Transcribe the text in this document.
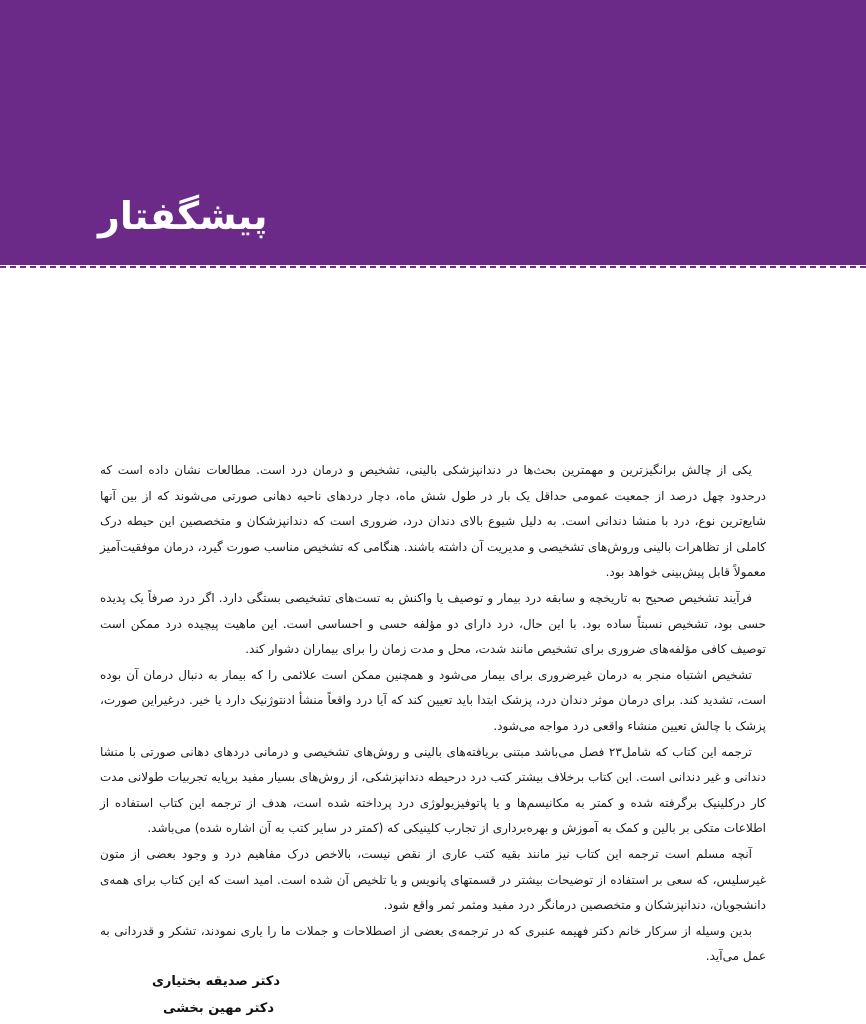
پیشگفتار

یکی از چالش برانگیزترین و مهمترین بحث‌ها در دندانپزشکی بالینی، تشخیص و درمان درد است. مطالعات نشان داده است که درحدود چهل درصد از جمعیت عمومی حداقل یک بار در طول شش ماه، دچار دردهای ناحیه دهانی صورتی می‌شوند که از بین آنها شایع‌ترین نوع، درد با منشا دندانی است. به دلیل شیوع بالای دندان درد، ضروری است که دندانپزشکان و متخصصین این حیطه درک کاملی از تظاهرات بالینی وروش‌های تشخیصی و مدیریت آن داشته باشند. هنگامی که تشخیص مناسب صورت گیرد، درمان موفقیت‌آمیز معمولاً قابل پیش‌بینی خواهد بود.

فرآیند تشخیص صحیح به تاریخچه و سابقه درد بیمار و توصیف یا واکنش به تست‌های تشخیصی بستگی دارد. اگر درد صرفاً یک پدیده حسی بود، تشخیص نسبتاً ساده بود. با این حال، درد دارای دو مؤلفه حسی و احساسی است. این ماهیت پیچیده درد ممکن است توصیف کافی مؤلفه‌های ضروری برای تشخیص مانند شدت، محل و مدت زمان را برای بیماران دشوار کند.

تشخیص اشتباه منجر به درمان غیرضروری برای بیمار می‌شود و همچنین ممکن است علائمی را که بیمار به دنبال درمان آن بوده است، تشدید کند. برای درمان موثر دندان درد، پزشک ابتدا باید تعیین کند که آیا درد واقعاً منشأ ادنتوژنیک دارد یا خیر. درغیراین صورت، پزشک با چالش تعیین منشاء واقعی درد مواجه می‌شود.

ترجمه این کتاب که شامل۲۳ فصل می‌باشد مبتنی بریافته‌های بالینی و روش‌های تشخیصی و درمانی دردهای دهانی صورتی با منشا دندانی و غیر دندانی است. این کتاب برخلاف بیشتر کتب درد درحیطه دندانپزشکی، از روش‌های بسیار مفید برپایه تجربیات طولانی مدت کار درکلینیک برگرفته شده و کمتر به مکانیسم‌ها و یا پاتوفیزیولوژی درد پرداخته شده است، هدف از ترجمه این کتاب استفاده از اطلاعات متکی بر بالین و کمک به آموزش و بهره‌برداری از تجارب کلینیکی که (کمتر در سایر کتب به آن اشاره شده) می‌باشد.

آنچه مسلم است ترجمه این کتاب نیز مانند بقیه کتب عاری از نقص نیست، بالاخص درک مفاهیم درد و وجود بعضی از متون غیرسلیس، که سعی بر استفاده از توضیحات بیشتر در قسمتهای پانویس و یا تلخیص آن شده است. امید است که این کتاب برای همه‌ی دانشجویان، دندانپزشکان و متخصصین درمانگر درد مفید ومثمر ثمر واقع شود.

بدین وسیله از سرکار خانم دکتر فهیمه عنبری که در ترجمه‌ی بعضی از اصطلاحات و جملات ما را یاری نمودند، تشکر و قدردانی به عمل می‌آید.

دکتر صدیقه بختیاری
دکتر مهین بخشی
